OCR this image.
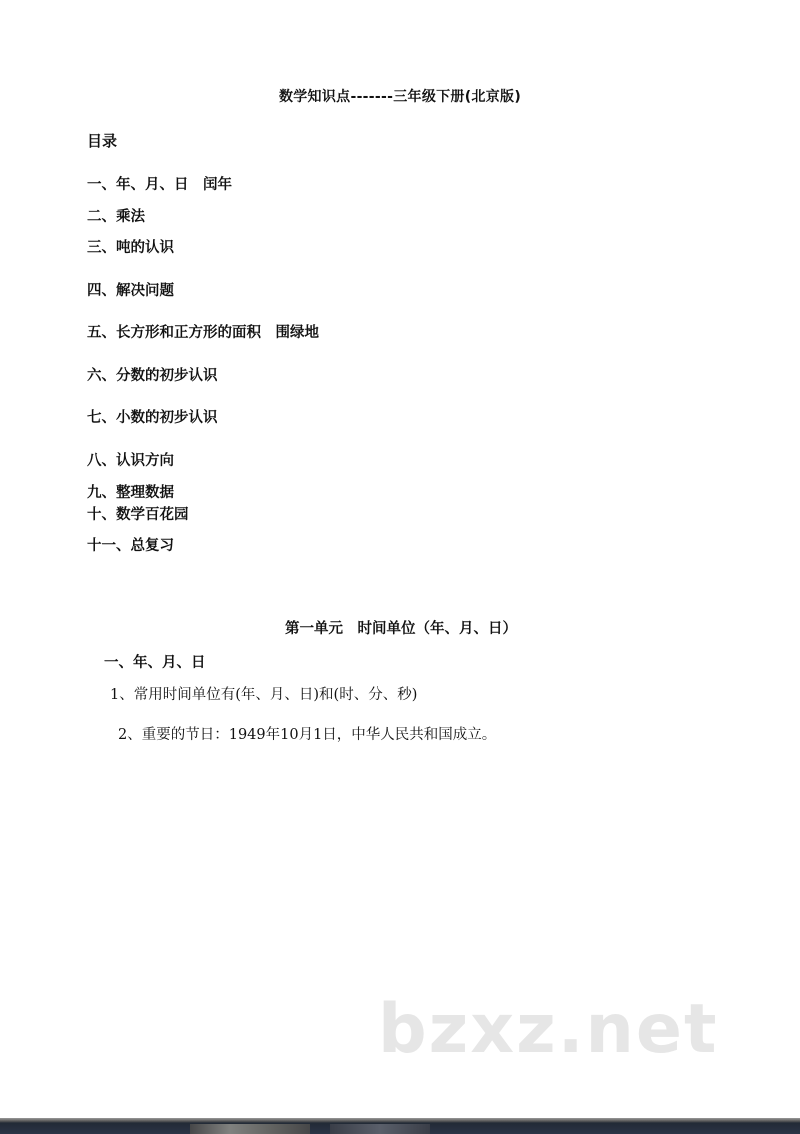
数学知识点-------三年级下册(北京版)
目录

一、年、月、日　闰年

二、乘法

三、吨的认识

四、解决问题

五、长方形和正方形的面积　围绿地

六、分数的初步认识

七、小数的初步认识

八、认识方向

九、整理数据

十、数学百花园

十一、总复习

第一单元　时间单位（年、月、日）
一、年、月、日

1、常用时间单位有(年、月、日)和(时、分、秒)

2、重要的节日：1949年10月1日，中华人民共和国成立。

bzxz.net
